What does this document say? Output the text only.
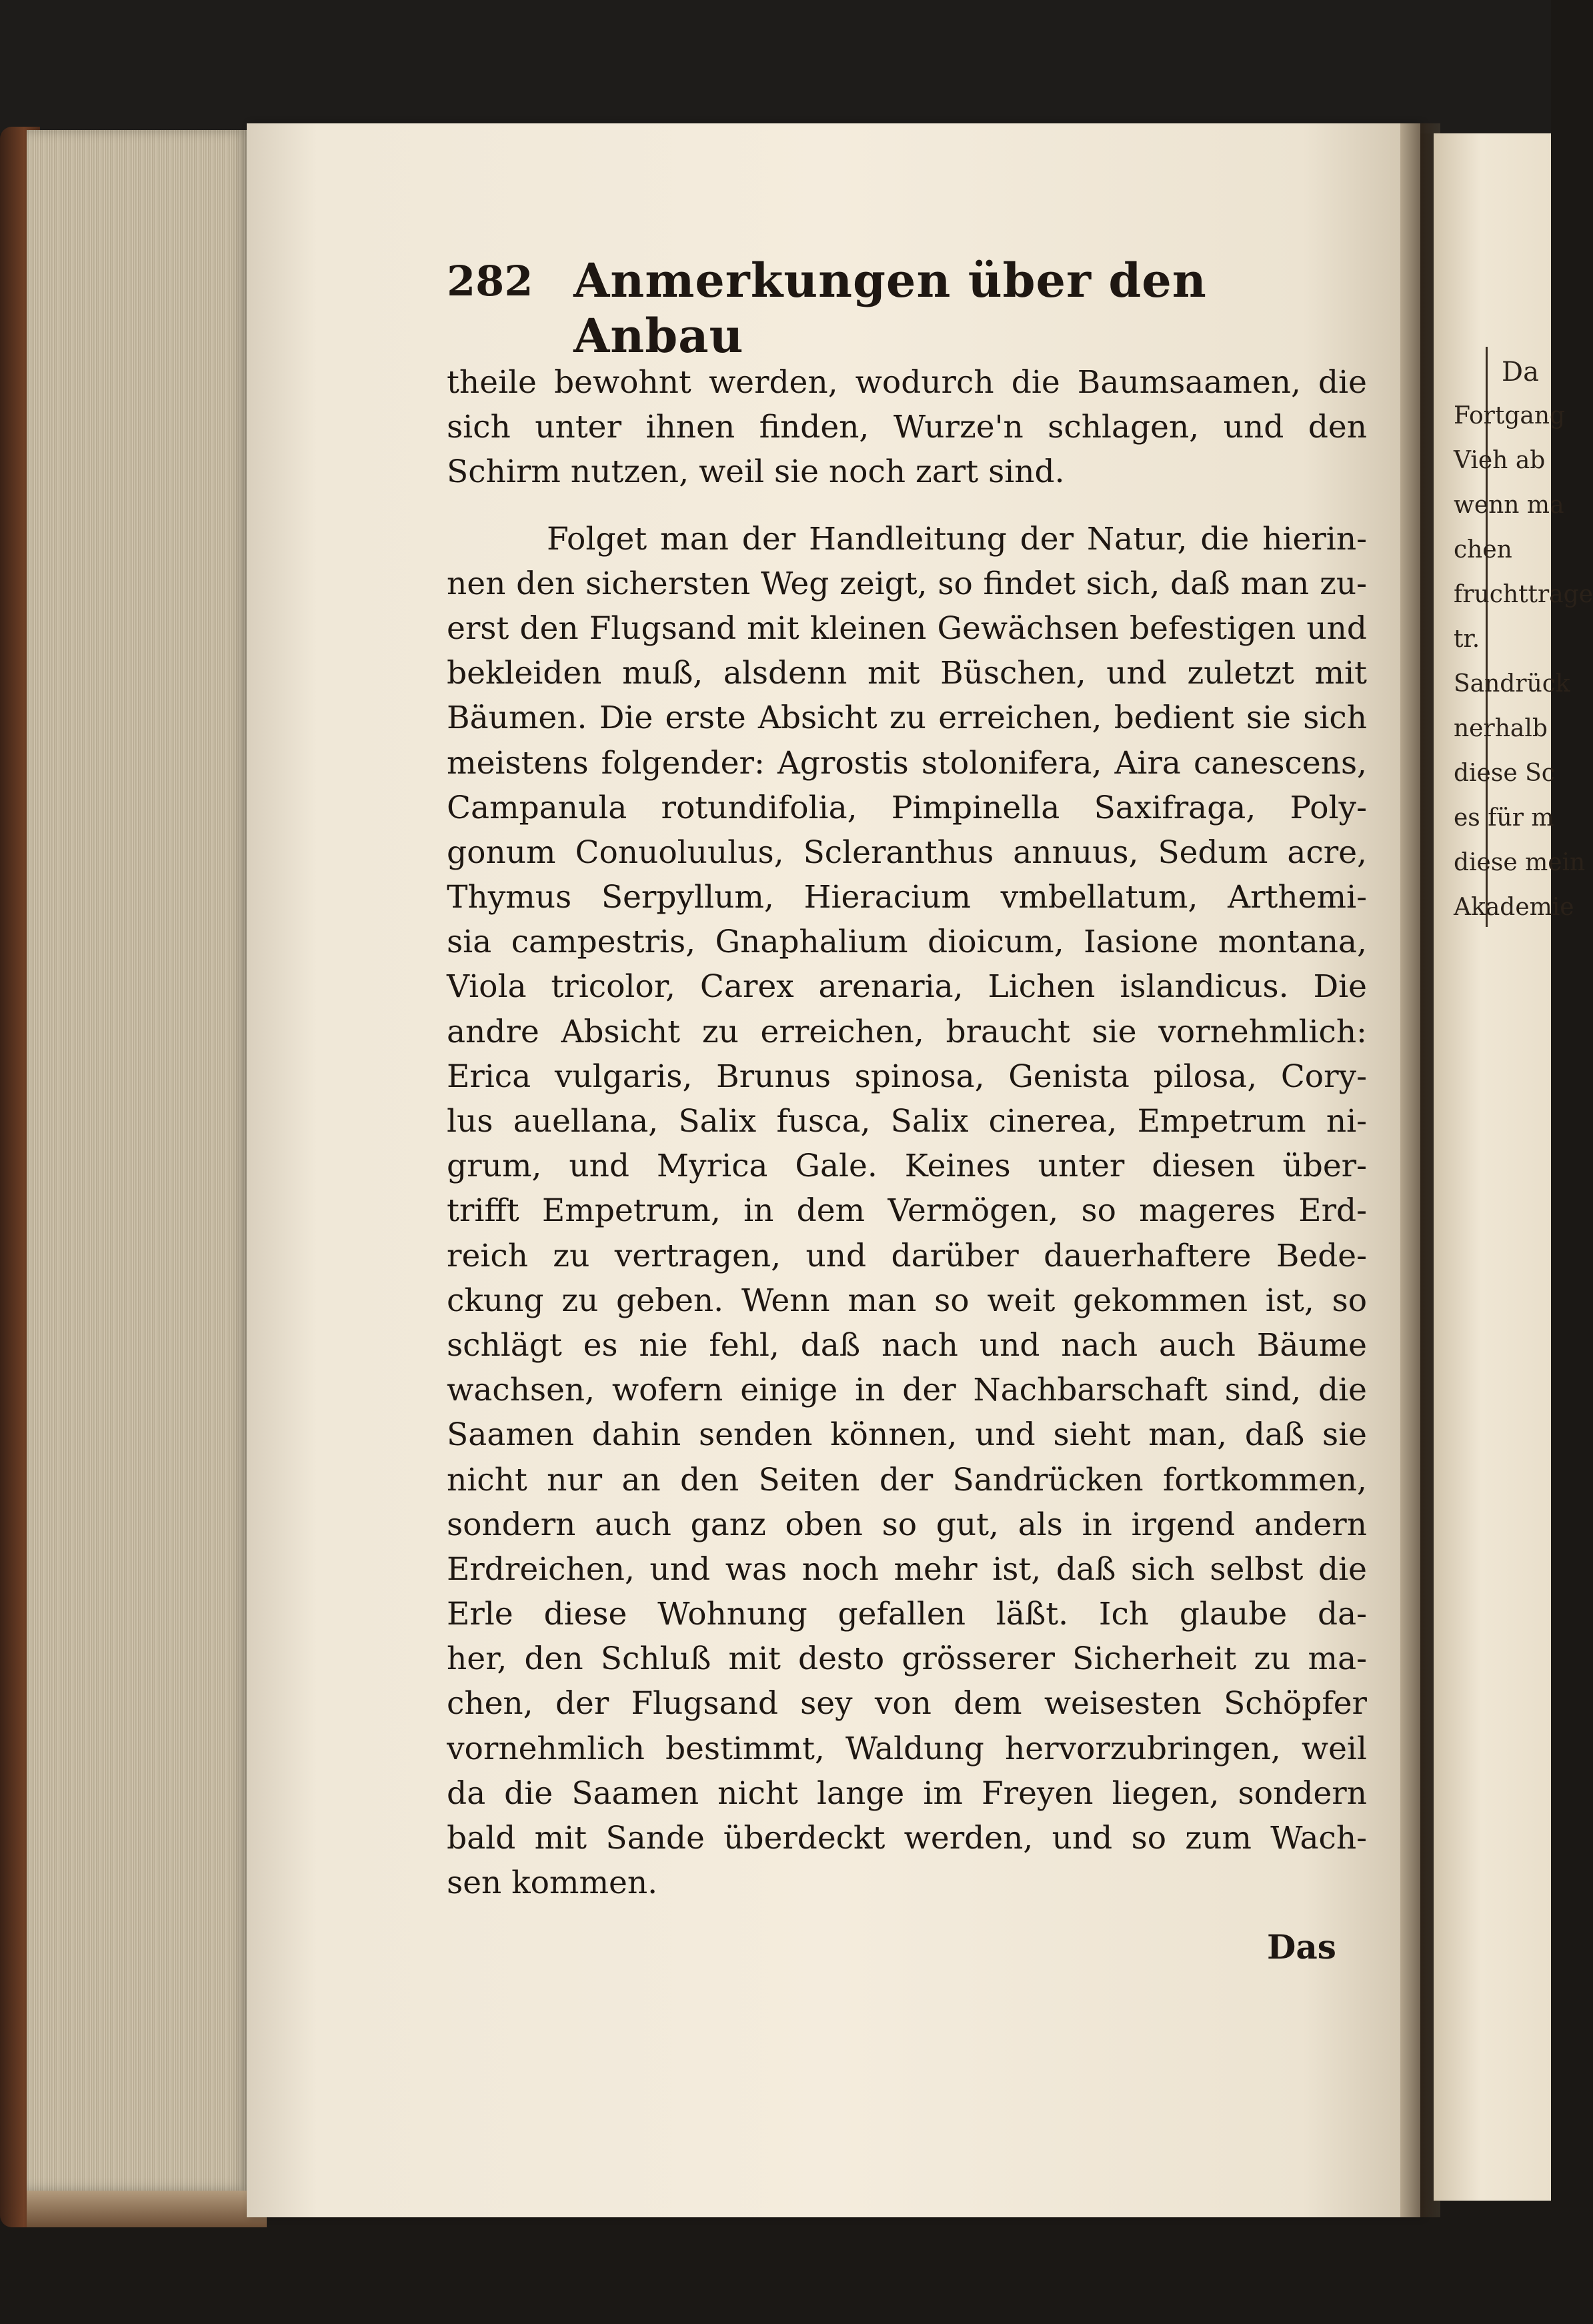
Da
Fortgang
Vieh ab
wenn ma
chen
fruchttrage
tr.
Sandrück
nerhalb
diese Sc
es für m
diese mein
Akademie
282 Anmerkungen über den Anbau
theile bewohnt werden, wodurch die Baumsaamen, die
sich unter ihnen finden, Wurze'n schlagen, und den
Schirm nutzen, weil sie noch zart sind.
Folget man der Handleitung der Natur, die hierin-
nen den sichersten Weg zeigt, so findet sich, daß man zu-
erst den Flugsand mit kleinen Gewächsen befestigen und
bekleiden muß, alsdenn mit Büschen, und zuletzt mit
Bäumen. Die erste Absicht zu erreichen, bedient sie sich
meistens folgender: Agrostis stolonifera, Aira canescens,
Campanula rotundifolia, Pimpinella Saxifraga, Poly-
gonum Conuoluulus, Scleranthus annuus, Sedum acre,
Thymus Serpyllum, Hieracium vmbellatum, Arthemi-
sia campestris, Gnaphalium dioicum, Iasione montana,
Viola tricolor, Carex arenaria, Lichen islandicus. Die
andre Absicht zu erreichen, braucht sie vornehmlich:
Erica vulgaris, Brunus spinosa, Genista pilosa, Cory-
lus auellana, Salix fusca, Salix cinerea, Empetrum ni-
grum, und Myrica Gale. Keines unter diesen über-
trifft Empetrum, in dem Vermögen, so mageres Erd-
reich zu vertragen, und darüber dauerhaftere Bede-
ckung zu geben. Wenn man so weit gekommen ist, so
schlägt es nie fehl, daß nach und nach auch Bäume
wachsen, wofern einige in der Nachbarschaft sind, die
Saamen dahin senden können, und sieht man, daß sie
nicht nur an den Seiten der Sandrücken fortkommen,
sondern auch ganz oben so gut, als in irgend andern
Erdreichen, und was noch mehr ist, daß sich selbst die
Erle diese Wohnung gefallen läßt. Ich glaube da-
her, den Schluß mit desto grösserer Sicherheit zu ma-
chen, der Flugsand sey von dem weisesten Schöpfer
vornehmlich bestimmt, Waldung hervorzubringen, weil
da die Saamen nicht lange im Freyen liegen, sondern
bald mit Sande überdeckt werden, und so zum Wach-
sen kommen.
Das
